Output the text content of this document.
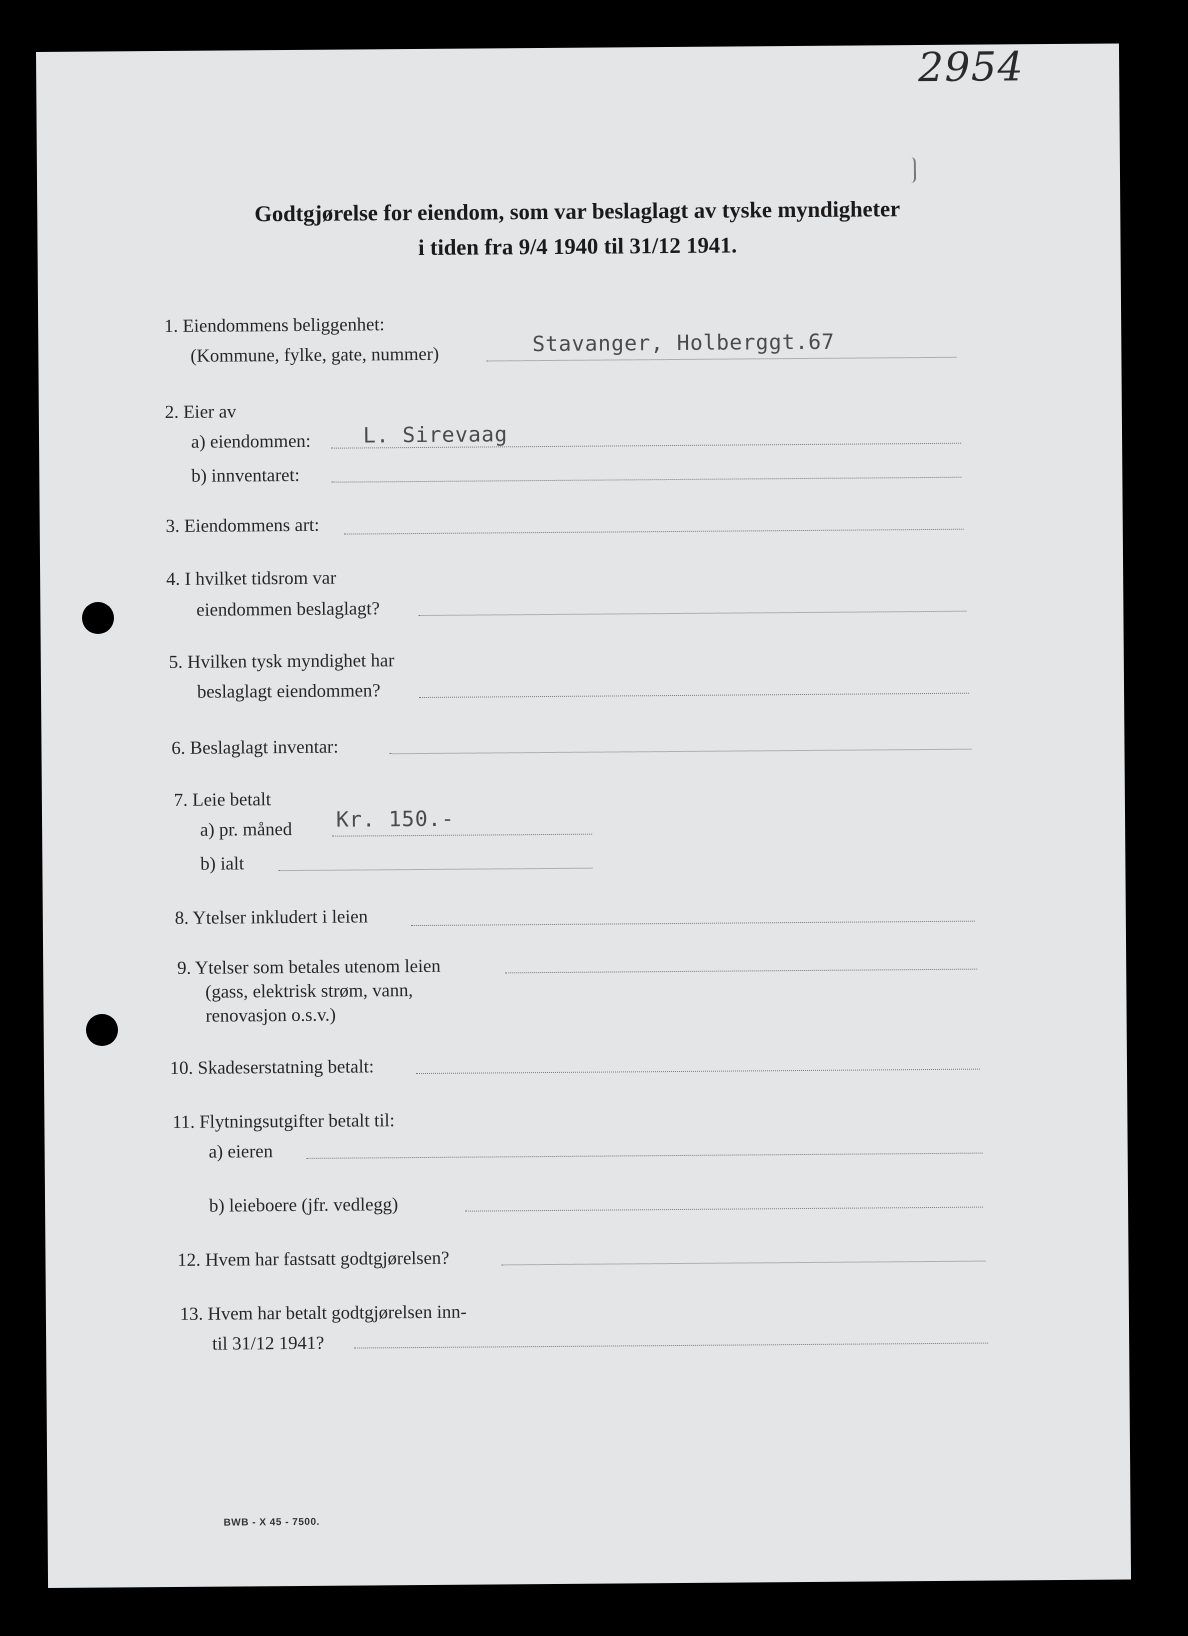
2954
Godtgjørelse for eiendom, som var beslaglagt av tyske myndigheter
i tiden fra 9/4 1940 til 31/12 1941.
1. Eiendommens beliggenhet:
(Kommune, fylke, gate, nummer)	Stavanger, Holberggt.67
2. Eier av
a) eiendommen: L. Sirevaag
b) innventaret:
3. Eiendommens art:
4. I hvilket tidsrom var
eiendommen beslaglagt?
5. Hvilken tysk myndighet har
beslaglagt eiendommen?
6. Beslaglagt inventar:
7. Leie betalt
a) pr. måned Kr. 150.-
b) ialt
8. Ytelser inkludert i leien
9. Ytelser som betales utenom leien
(gass, elektrisk strøm, vann,
renovasjon o.s.v.)
10. Skadeserstatning betalt:
11. Flytningsutgifter betalt til:
a) eieren
b) leieboere (jfr. vedlegg)
12. Hvem har fastsatt godtgjørelsen?
13. Hvem har betalt godtgjørelsen inn-
til 31/12 1941?
BWB - X 45 - 7500.
